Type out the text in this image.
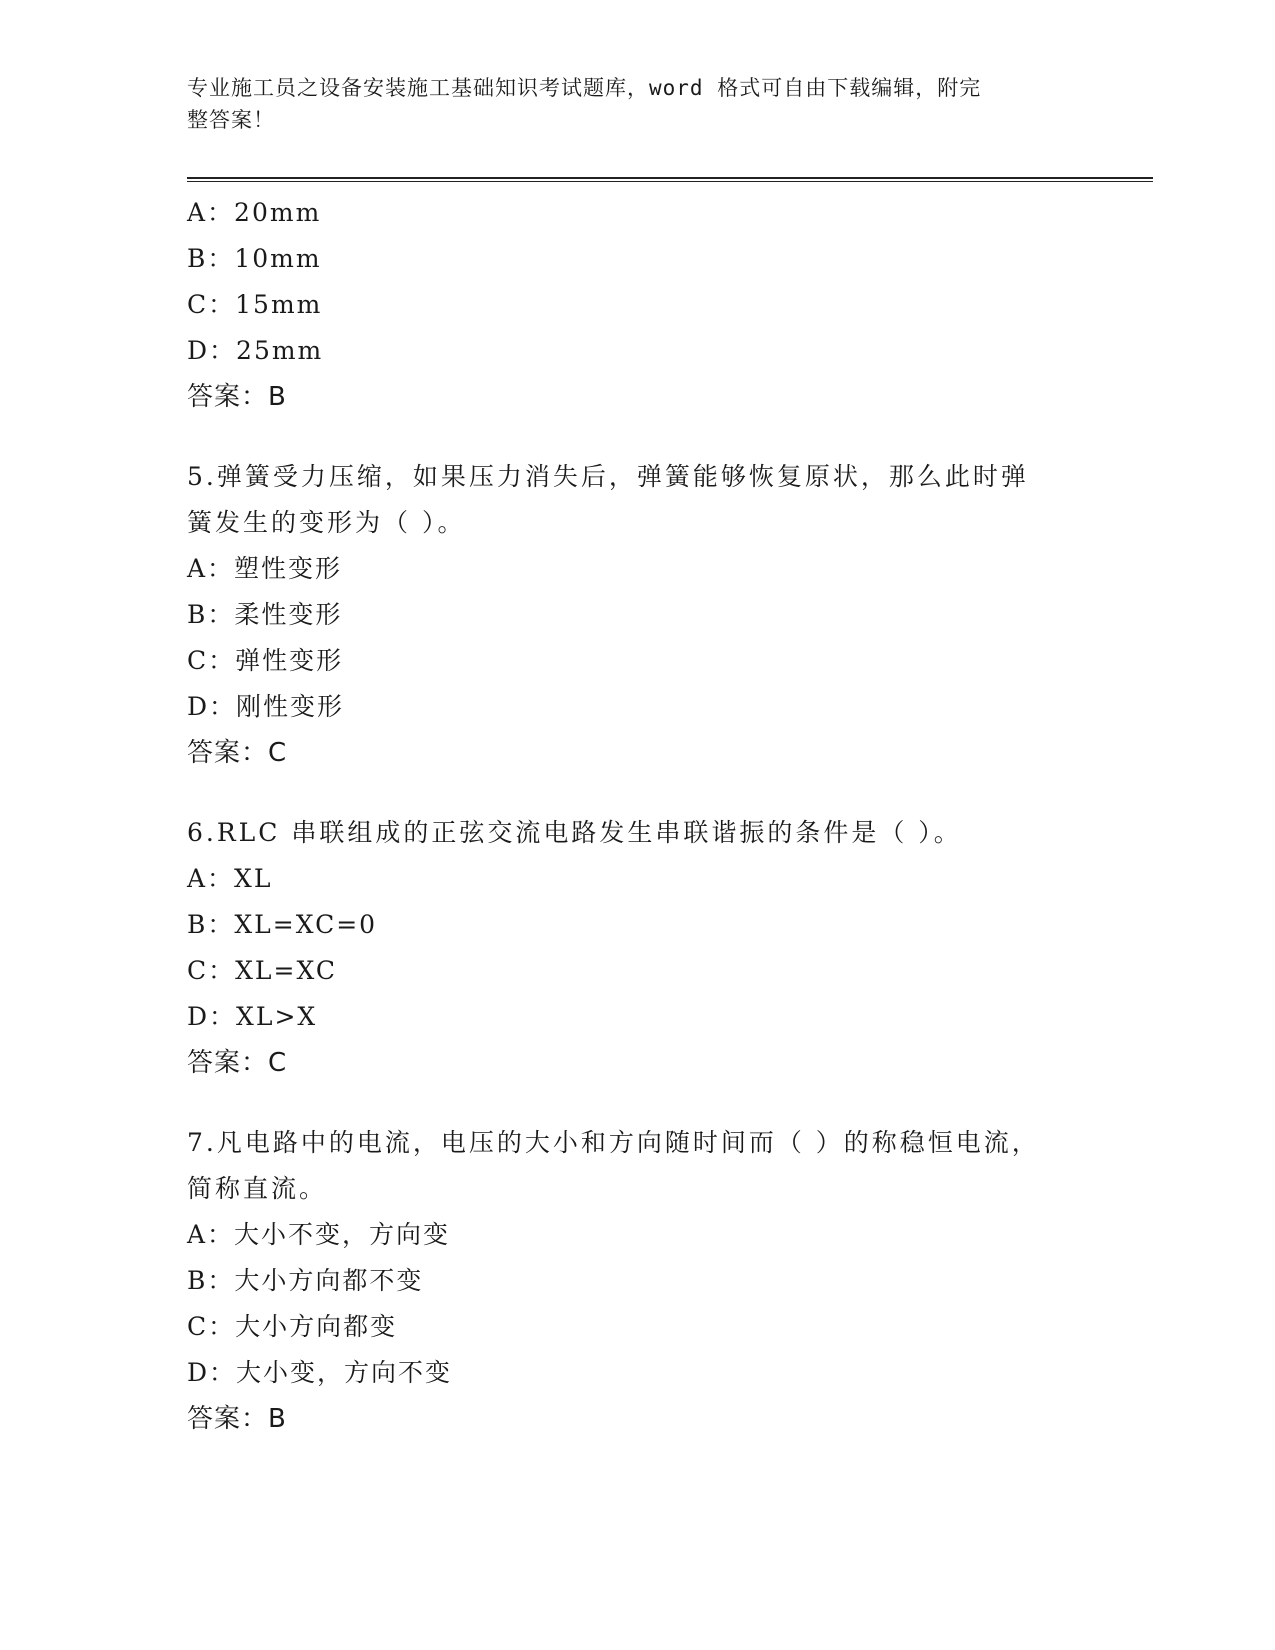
专业施工员之设备安装施工基础知识考试题库，word 格式可自由下载编辑，附完
整答案！
A：20mm
B：10mm
C：15mm
D：25mm
答案：B
5.弹簧受力压缩，如果压力消失后，弹簧能够恢复原状，那么此时弹
簧发生的变形为（ ）。
A：塑性变形
B：柔性变形
C：弹性变形
D：刚性变形
答案：C
6.RLC 串联组成的正弦交流电路发生串联谐振的条件是（ ）。
A：XL
B：XL=XC=0
C：XL=XC
D：XL>X
答案：C
7.凡电路中的电流，电压的大小和方向随时间而（ ）的称稳恒电流，
简称直流。
A：大小不变，方向变
B：大小方向都不变
C：大小方向都变
D：大小变，方向不变
答案：B
